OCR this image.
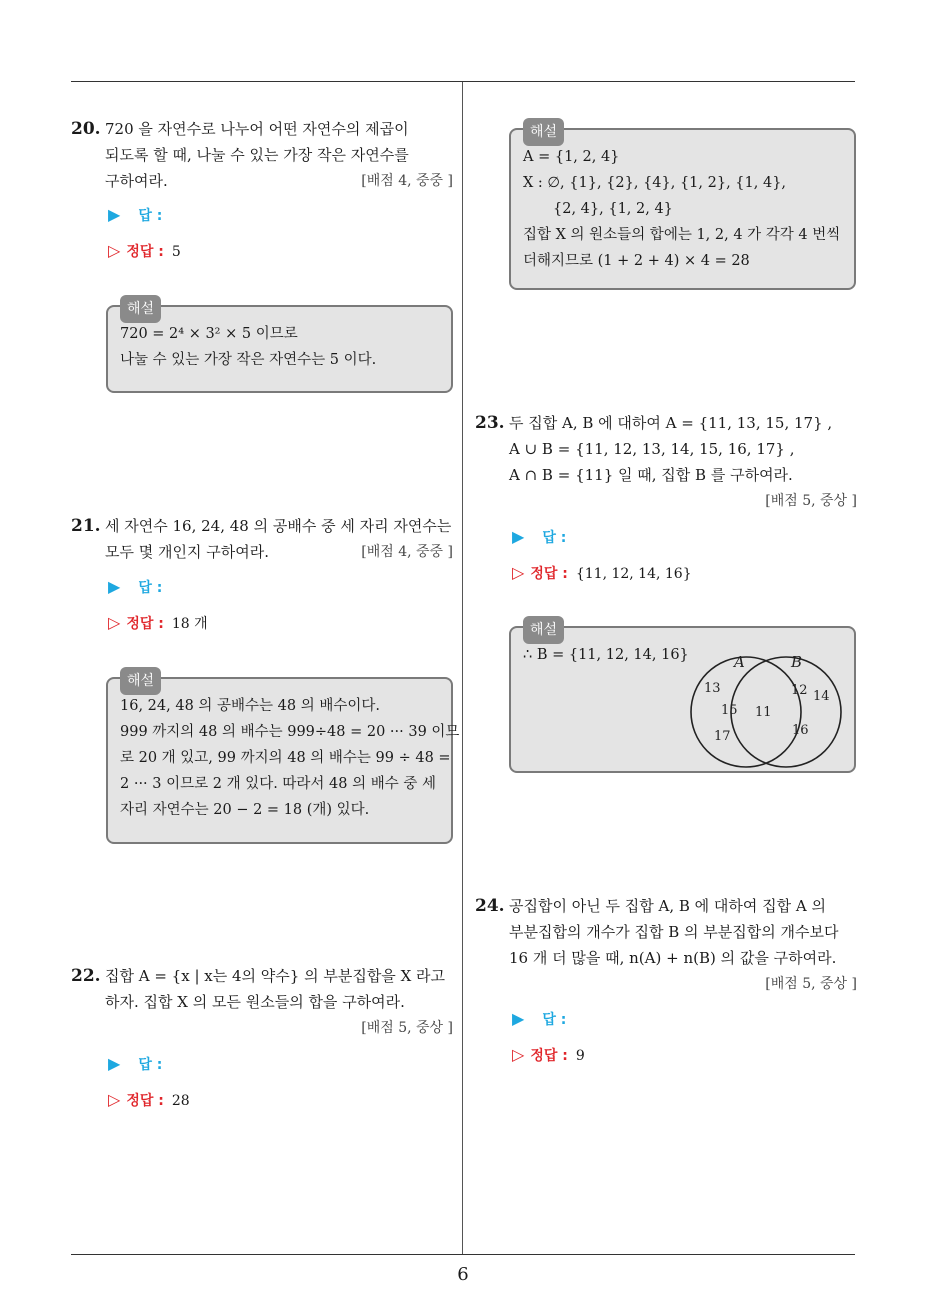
20. 720 을 자연수로 나누어 어떤 자연수의 제곱이
되도록 할 때, 나눌 수 있는 가장 작은 자연수를
구하여라.	[배점 4, 중중 ]
▶ 답 :
▷ 정답 : 5
해설
720 = 2⁴ × 3² × 5 이므로
나눌 수 있는 가장 작은 자연수는 5 이다.
21. 세 자연수 16, 24, 48 의 공배수 중 세 자리 자연수는
모두 몇 개인지 구하여라.	[배점 4, 중중 ]
▶ 답 :
▷ 정답 : 18 개
해설
16, 24, 48 의 공배수는 48 의 배수이다.
999 까지의 48 의 배수는 999÷48 = 20 ··· 39 이므
로 20 개 있고, 99 까지의 48 의 배수는 99 ÷ 48 =
2 ··· 3 이므로 2 개 있다. 따라서 48 의 배수 중 세
자리 자연수는 20 − 2 = 18 (개) 있다.
22. 집합 A = {x | x는 4의 약수} 의 부분집합을 X 라고
하자. 집합 X 의 모든 원소들의 합을 구하여라.
[배점 5, 중상 ]
▶ 답 :
▷ 정답 : 28
해설
A = {1, 2, 4}
X : ∅, {1}, {2}, {4}, {1, 2}, {1, 4},
{2, 4}, {1, 2, 4}
집합 X 의 원소들의 합에는 1, 2, 4 가 각각 4 번씩
더해지므로 (1 + 2 + 4) × 4 = 28
23. 두 집합 A, B 에 대하여 A = {11, 13, 15, 17} ,
A ∪ B = {11, 12, 13, 14, 15, 16, 17} ,
A ∩ B = {11} 일 때, 집합 B 를 구하여라.
[배점 5, 중상 ]
▶ 답 :
▷ 정답 : {11, 12, 14, 16}
해설
∴ B = {11, 12, 14, 16}	A	B
13
15
17
11
12 14
16
24. 공집합이 아닌 두 집합 A, B 에 대하여 집합 A 의
부분집합의 개수가 집합 B 의 부분집합의 개수보다
16 개 더 많을 때, n(A) + n(B) 의 값을 구하여라.
[배점 5, 중상 ]
▶ 답 :
▷ 정답 : 9
6
